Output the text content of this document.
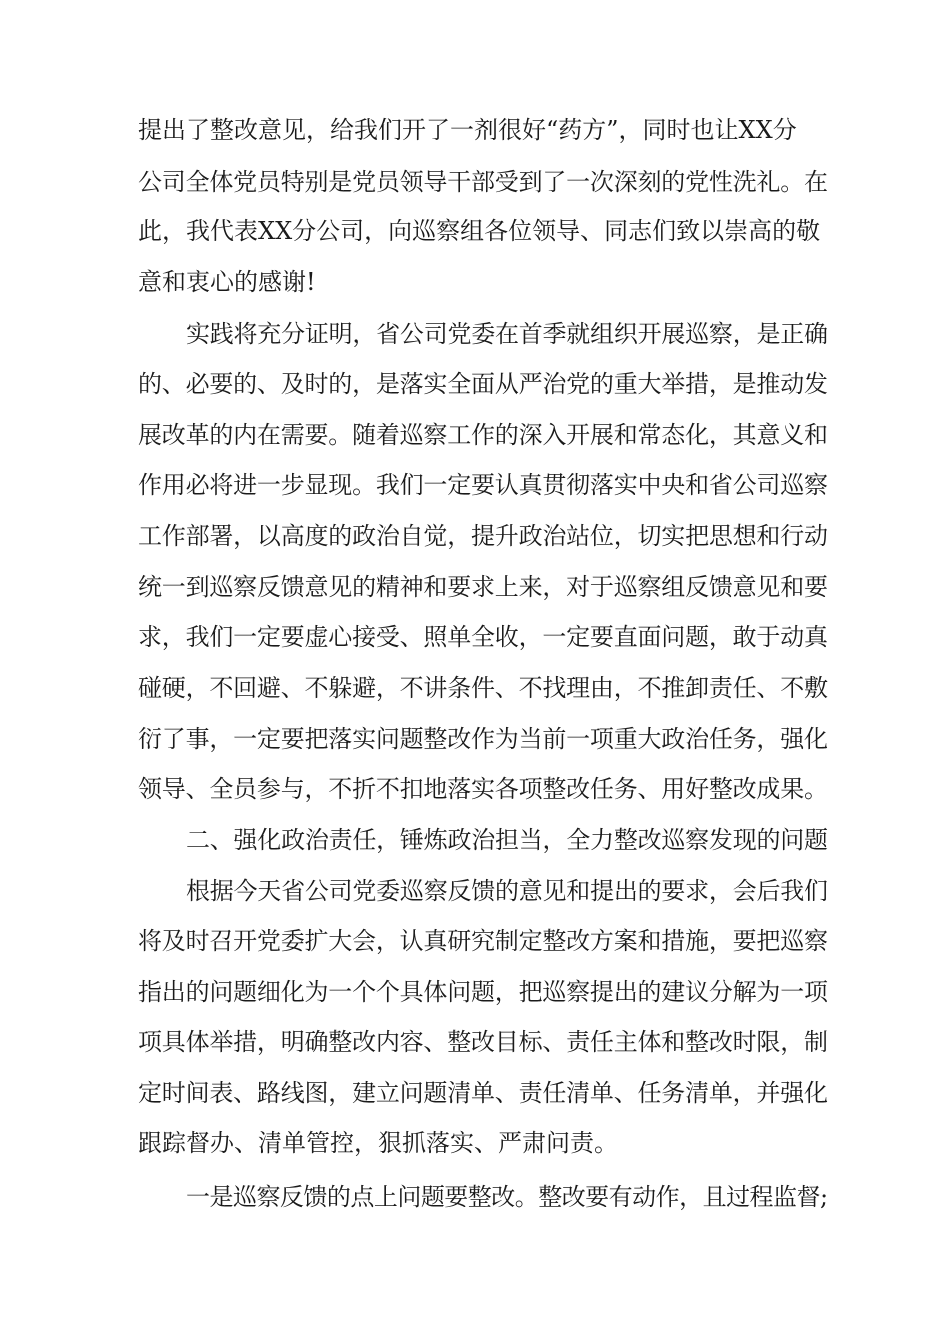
提出了整改意见，给我们开了一剂很好“药方”，同时也让XX分
公司全体党员特别是党员领导干部受到了一次深刻的党性洗礼。在
此，我代表XX分公司，向巡察组各位领导、同志们致以崇高的敬
意和衷心的感谢!
实践将充分证明，省公司党委在首季就组织开展巡察，是正确
的、必要的、及时的，是落实全面从严治党的重大举措，是推动发
展改革的内在需要。随着巡察工作的深入开展和常态化，其意义和
作用必将进一步显现。我们一定要认真贯彻落实中央和省公司巡察
工作部署，以高度的政治自觉，提升政治站位，切实把思想和行动
统一到巡察反馈意见的精神和要求上来，对于巡察组反馈意见和要
求，我们一定要虚心接受、照单全收，一定要直面问题，敢于动真
碰硬，不回避、不躲避，不讲条件、不找理由，不推卸责任、不敷
衍了事，一定要把落实问题整改作为当前一项重大政治任务，强化
领导、全员参与，不折不扣地落实各项整改任务、用好整改成果。
二、强化政治责任，锤炼政治担当，全力整改巡察发现的问题
根据今天省公司党委巡察反馈的意见和提出的要求，会后我们
将及时召开党委扩大会，认真研究制定整改方案和措施，要把巡察
指出的问题细化为一个个具体问题，把巡察提出的建议分解为一项
项具体举措，明确整改内容、整改目标、责任主体和整改时限，制
定时间表、路线图，建立问题清单、责任清单、任务清单，并强化
跟踪督办、清单管控，狠抓落实、严肃问责。
一是巡察反馈的点上问题要整改。整改要有动作，且过程监督;
